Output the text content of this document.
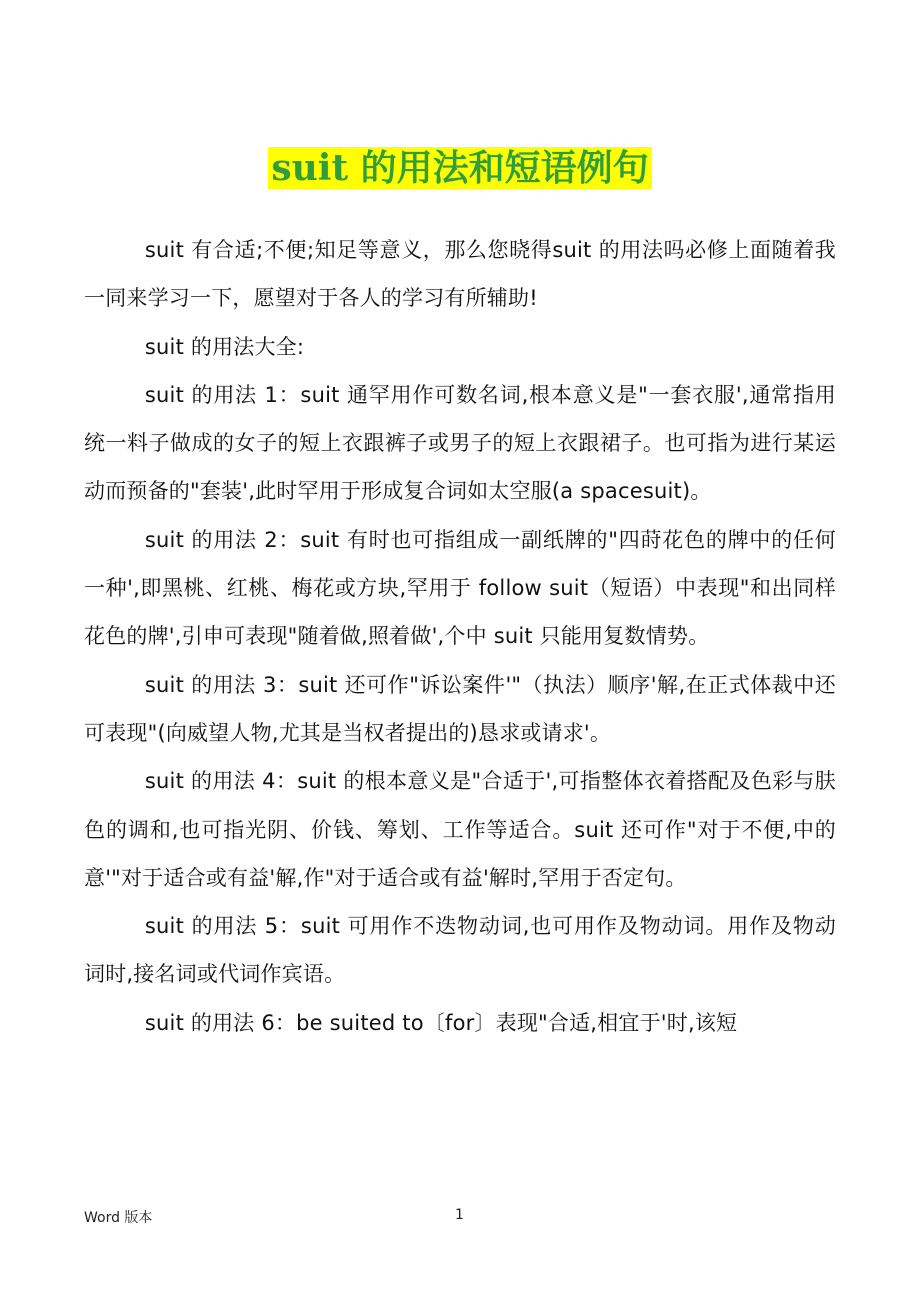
suit 的用法和短语例句

suit 有合适;不便;知足等意义，那么您晓得suit 的用法吗必修上面随着我一同来学习一下，愿望对于各人的学习有所辅助!

suit 的用法大全:

suit 的用法 1：suit 通罕用作可数名词,根本意义是"一套衣服',通常指用统一料子做成的女子的短上衣跟裤子或男子的短上衣跟裙子。也可指为进行某运动而预备的"套装',此时罕用于形成复合词如太空服(a spacesuit)。

suit 的用法 2：suit 有时也可指组成一副纸牌的"四莳花色的牌中的任何一种',即黑桃、红桃、梅花或方块,罕用于 follow suit（短语）中表现"和出同样花色的牌',引申可表现"随着做,照着做',个中 suit 只能用复数情势。

suit 的用法 3：suit 还可作"诉讼案件'"（执法）顺序'解,在正式体裁中还可表现"(向威望人物,尤其是当权者提出的)恳求或请求'。

suit 的用法 4：suit 的根本意义是"合适于',可指整体衣着搭配及色彩与肤色的调和,也可指光阴、价钱、筹划、工作等适合。suit 还可作"对于不便,中的意'"对于适合或有益'解,作"对于适合或有益'解时,罕用于否定句。

suit 的用法 5：suit 可用作不迭物动词,也可用作及物动词。用作及物动词时,接名词或代词作宾语。

suit 的用法 6：be suited to〔for〕表现"合适,相宜于'时,该短

Word 版本	1
